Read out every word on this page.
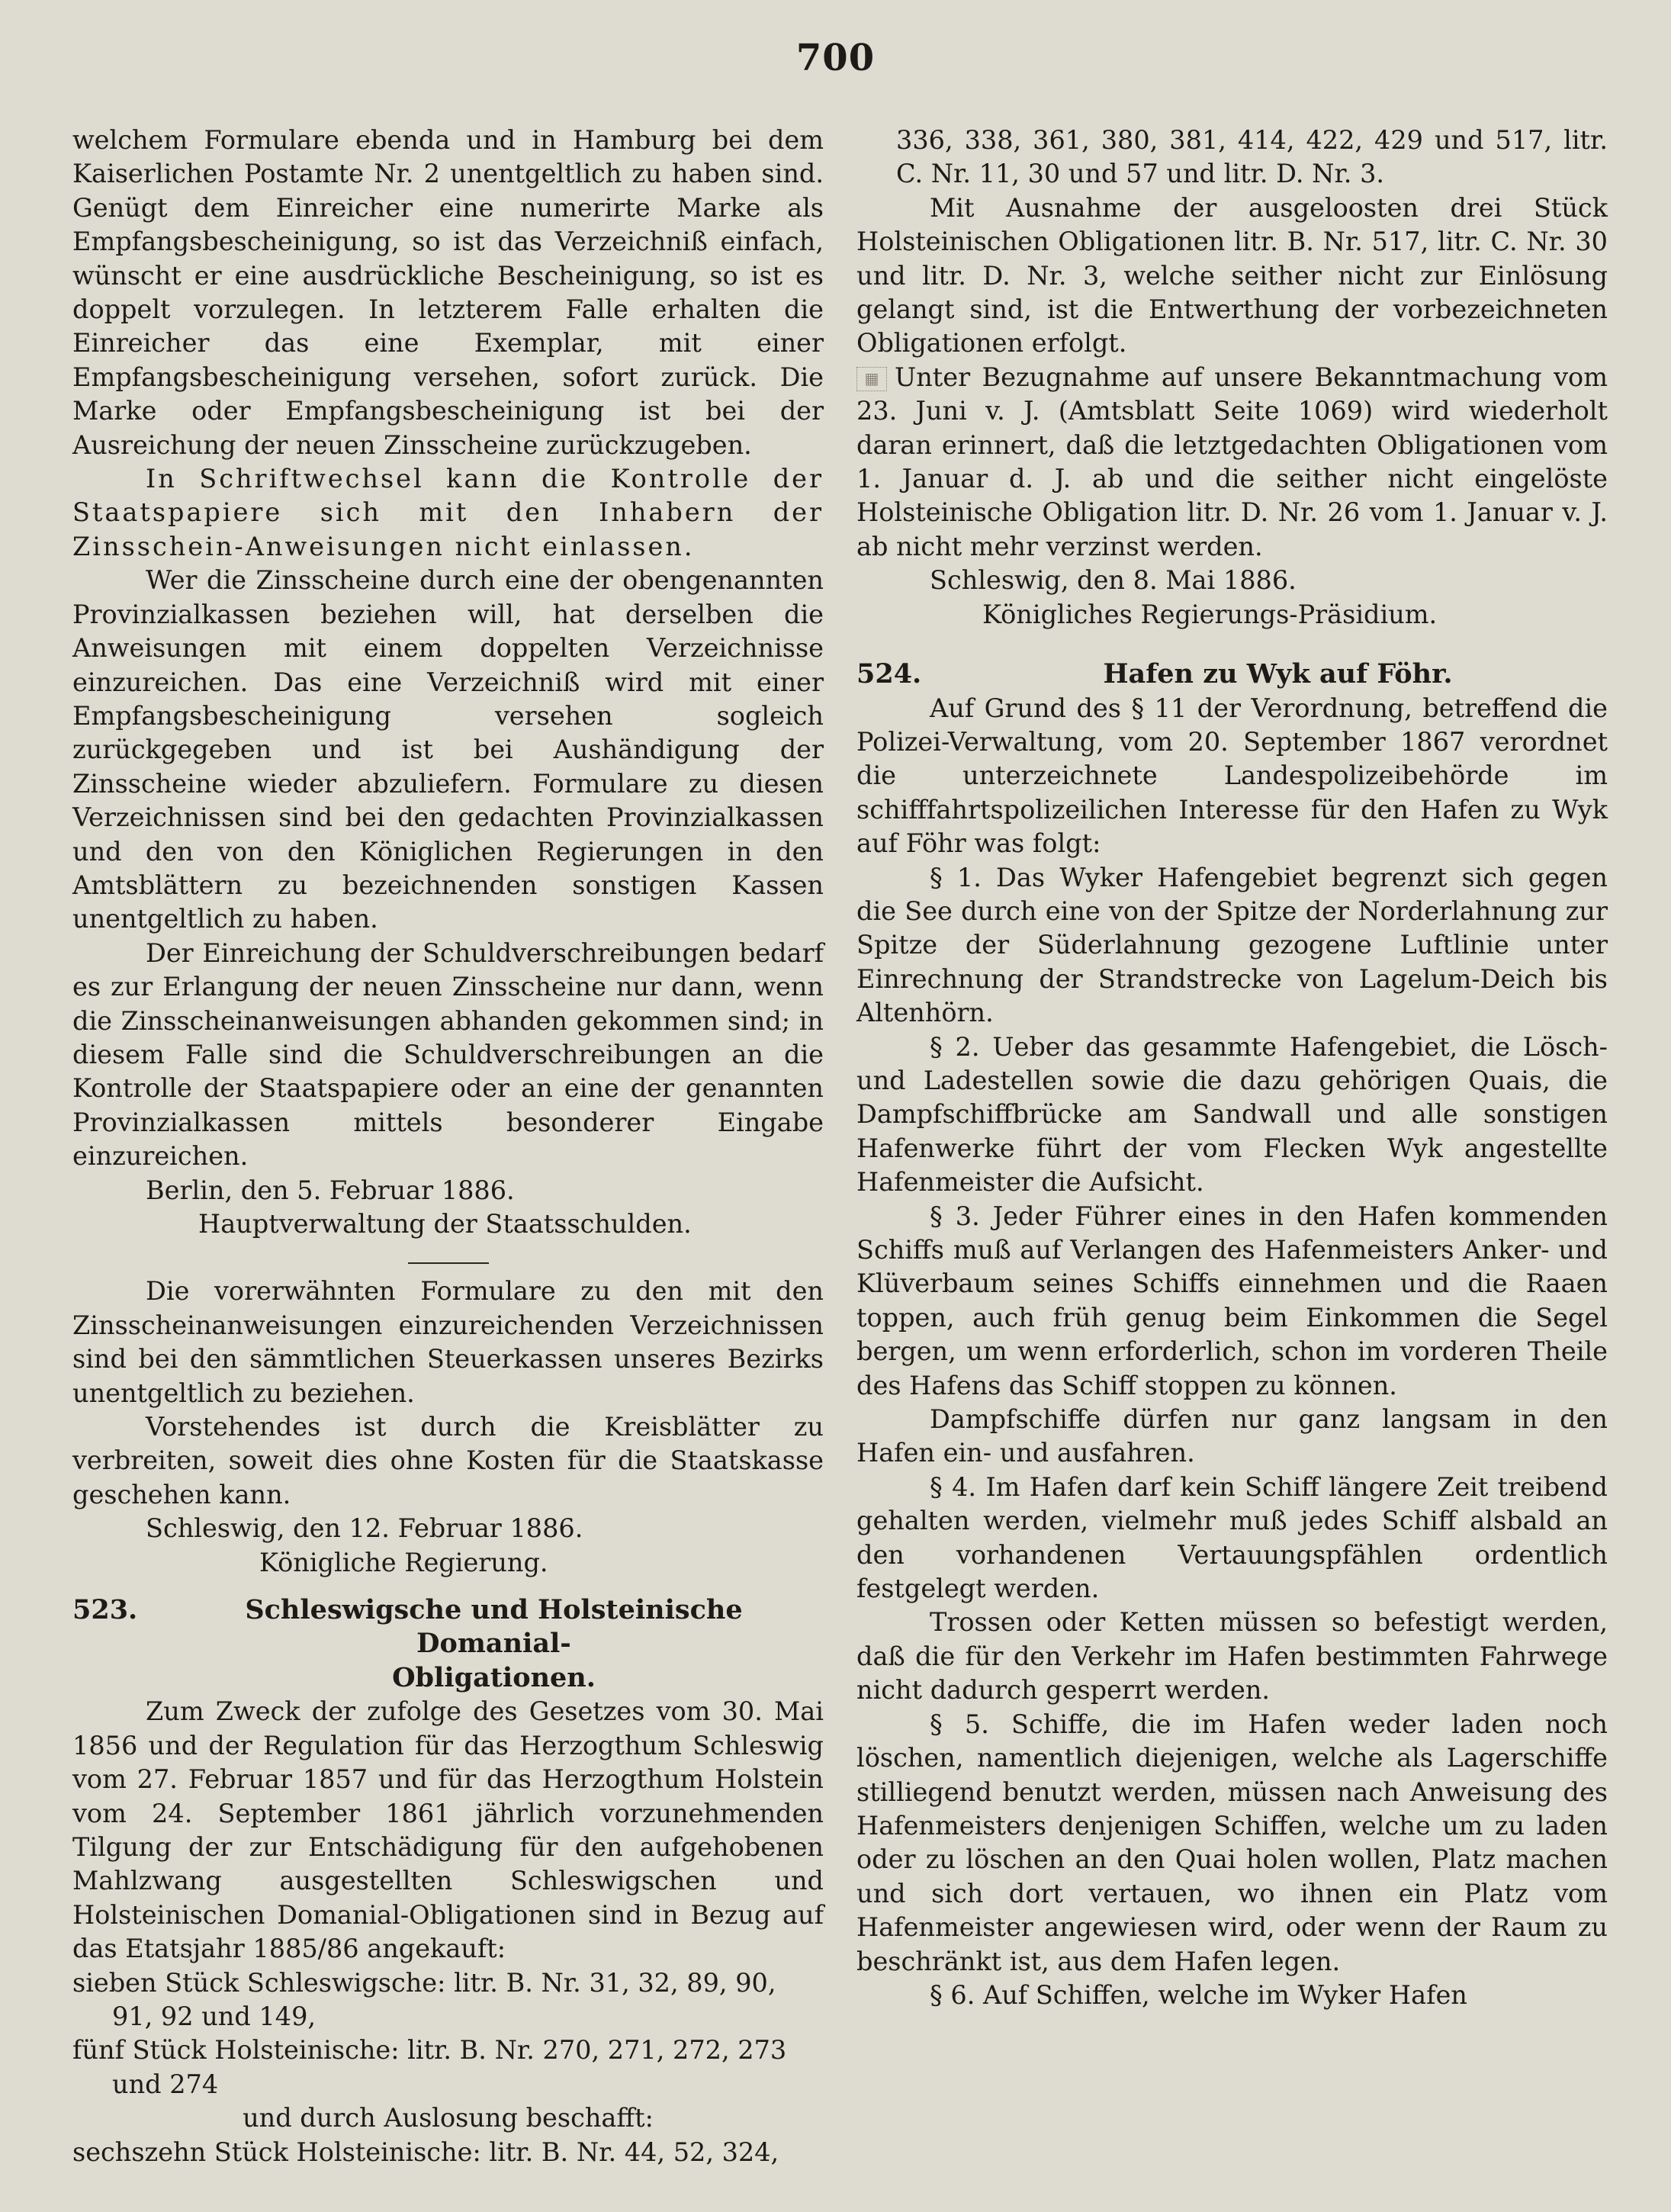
700

welchem Formulare ebenda und in Hamburg bei dem Kaiserlichen Postamte Nr. 2 unentgeltlich zu haben sind. Genügt dem Einreicher eine numerirte Marke als Empfangsbescheinigung, so ist das Verzeichniß einfach, wünscht er eine ausdrückliche Bescheinigung, so ist es doppelt vorzulegen. In letzterem Falle erhalten die Einreicher das eine Exemplar, mit einer Empfangsbescheinigung versehen, sofort zurück. Die Marke oder Empfangsbescheinigung ist bei der Ausreichung der neuen Zinsscheine zurückzugeben.

In Schriftwechsel kann die Kontrolle der Staatspapiere sich mit den Inhabern der Zinsschein-Anweisungen nicht einlassen.

Wer die Zinsscheine durch eine der obengenannten Provinzialkassen beziehen will, hat derselben die Anweisungen mit einem doppelten Verzeichnisse einzureichen. Das eine Verzeichniß wird mit einer Empfangsbescheinigung versehen sogleich zurückgegeben und ist bei Aushändigung der Zinsscheine wieder abzuliefern. Formulare zu diesen Verzeichnissen sind bei den gedachten Provinzialkassen und den von den Königlichen Regierungen in den Amtsblättern zu bezeichnenden sonstigen Kassen unentgeltlich zu haben.

Der Einreichung der Schuldverschreibungen bedarf es zur Erlangung der neuen Zinsscheine nur dann, wenn die Zinsscheinanweisungen abhanden gekommen sind; in diesem Falle sind die Schuldverschreibungen an die Kontrolle der Staatspapiere oder an eine der genannten Provinzialkassen mittels besonderer Eingabe einzureichen.

Berlin, den 5. Februar 1886.

Hauptverwaltung der Staatsschulden.

Die vorerwähnten Formulare zu den mit den Zinsscheinanweisungen einzureichenden Verzeichnissen sind bei den sämmtlichen Steuerkassen unseres Bezirks unentgeltlich zu beziehen.

Vorstehendes ist durch die Kreisblätter zu verbreiten, soweit dies ohne Kosten für die Staatskasse geschehen kann.

Schleswig, den 12. Februar 1886.

Königliche Regierung.

523.	Schleswigsche und Holsteinische Domanial-

Obligationen.

Zum Zweck der zufolge des Gesetzes vom 30. Mai 1856 und der Regulation für das Herzogthum Schleswig vom 27. Februar 1857 und für das Herzogthum Holstein vom 24. September 1861 jährlich vorzunehmenden Tilgung der zur Entschädigung für den aufgehobenen Mahlzwang ausgestellten Schleswigschen und Holsteinischen Domanial-Obligationen sind in Bezug auf das Etatsjahr 1885/86 angekauft:

sieben Stück Schleswigsche: litr. B. Nr. 31, 32, 89, 90, 91, 92 und 149,

fünf Stück Holsteinische: litr. B. Nr. 270, 271, 272, 273 und 274

und durch Auslosung beschafft:

sechszehn Stück Holsteinische: litr. B. Nr. 44, 52, 324,

336, 338, 361, 380, 381, 414, 422, 429 und 517, litr. C. Nr. 11, 30 und 57 und litr. D. Nr. 3.

Mit Ausnahme der ausgeloosten drei Stück Holsteinischen Obligationen litr. B. Nr. 517, litr. C. Nr. 30 und litr. D. Nr. 3, welche seither nicht zur Einlösung gelangt sind, ist die Entwerthung der vorbezeichneten Obligationen erfolgt.

▦ Unter Bezugnahme auf unsere Bekanntmachung vom 23. Juni v. J. (Amtsblatt Seite 1069) wird wiederholt daran erinnert, daß die letztgedachten Obligationen vom 1. Januar d. J. ab und die seither nicht eingelöste Holsteinische Obligation litr. D. Nr. 26 vom 1. Januar v. J. ab nicht mehr verzinst werden.

Schleswig, den 8. Mai 1886.

Königliches Regierungs-Präsidium.

524.	Hafen zu Wyk auf Föhr.

Auf Grund des § 11 der Verordnung, betreffend die Polizei-Verwaltung, vom 20. September 1867 verordnet die unterzeichnete Landespolizeibehörde im schifffahrtspolizeilichen Interesse für den Hafen zu Wyk auf Föhr was folgt:

§ 1. Das Wyker Hafengebiet begrenzt sich gegen die See durch eine von der Spitze der Norderlahnung zur Spitze der Süderlahnung gezogene Luftlinie unter Einrechnung der Strandstrecke von Lagelum-Deich bis Altenhörn.

§ 2. Ueber das gesammte Hafengebiet, die Lösch- und Ladestellen sowie die dazu gehörigen Quais, die Dampfschiffbrücke am Sandwall und alle sonstigen Hafenwerke führt der vom Flecken Wyk angestellte Hafenmeister die Aufsicht.

§ 3. Jeder Führer eines in den Hafen kommenden Schiffs muß auf Verlangen des Hafenmeisters Anker- und Klüverbaum seines Schiffs einnehmen und die Raaen toppen, auch früh genug beim Einkommen die Segel bergen, um wenn erforderlich, schon im vorderen Theile des Hafens das Schiff stoppen zu können.

Dampfschiffe dürfen nur ganz langsam in den Hafen ein- und ausfahren.

§ 4. Im Hafen darf kein Schiff längere Zeit treibend gehalten werden, vielmehr muß jedes Schiff alsbald an den vorhandenen Vertauungspfählen ordentlich festgelegt werden.

Trossen oder Ketten müssen so befestigt werden, daß die für den Verkehr im Hafen bestimmten Fahrwege nicht dadurch gesperrt werden.

§ 5. Schiffe, die im Hafen weder laden noch löschen, namentlich diejenigen, welche als Lagerschiffe stilliegend benutzt werden, müssen nach Anweisung des Hafenmeisters denjenigen Schiffen, welche um zu laden oder zu löschen an den Quai holen wollen, Platz machen und sich dort vertauen, wo ihnen ein Platz vom Hafenmeister angewiesen wird, oder wenn der Raum zu beschränkt ist, aus dem Hafen legen.

§ 6. Auf Schiffen, welche im Wyker Hafen
